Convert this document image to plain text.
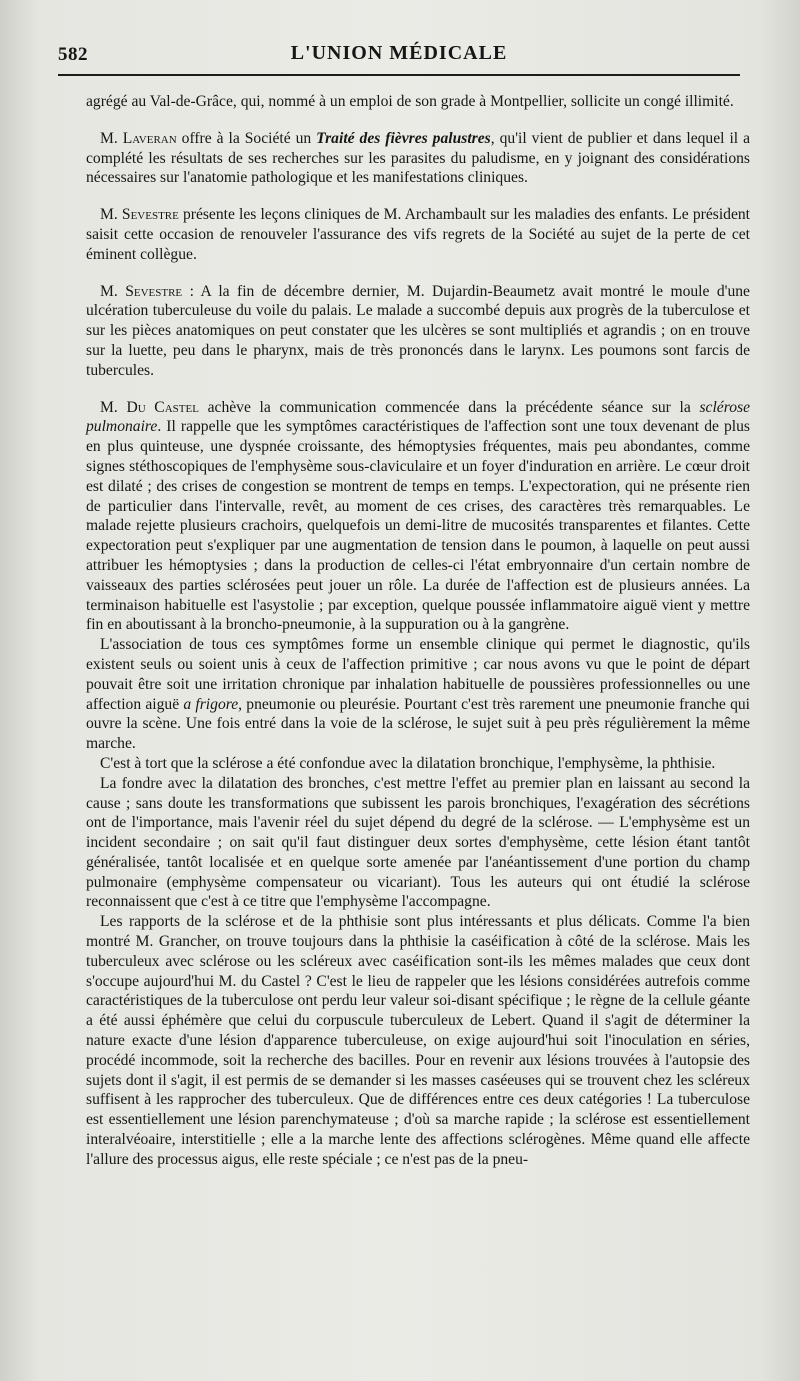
582	L'UNION MÉDICALE

agrégé au Val-de-Grâce, qui, nommé à un emploi de son grade à Montpellier, sollicite un congé illimité.

M. Laveran offre à la Société un Traité des fièvres palustres, qu'il vient de publier et dans lequel il a complété les résultats de ses recherches sur les parasites du paludisme, en y joignant des considérations nécessaires sur l'anatomie pathologique et les manifestations cliniques.

M. Sevestre présente les leçons cliniques de M. Archambault sur les maladies des enfants. Le président saisit cette occasion de renouveler l'assurance des vifs regrets de la Société au sujet de la perte de cet éminent collègue.

M. Sevestre : A la fin de décembre dernier, M. Dujardin-Beaumetz avait montré le moule d'une ulcération tuberculeuse du voile du palais. Le malade a succombé depuis aux progrès de la tuberculose et sur les pièces anatomiques on peut constater que les ulcères se sont multipliés et agrandis ; on en trouve sur la luette, peu dans le pharynx, mais de très prononcés dans le larynx. Les poumons sont farcis de tubercules.

M. Du Castel achève la communication commencée dans la précédente séance sur la sclérose pulmonaire. Il rappelle que les symptômes caractéristiques de l'affection sont une toux devenant de plus en plus quinteuse, une dyspnée croissante, des hémoptysies fréquentes, mais peu abondantes, comme signes stéthoscopiques de l'emphysème sous-claviculaire et un foyer d'induration en arrière. Le cœur droit est dilaté ; des crises de congestion se montrent de temps en temps. L'expectoration, qui ne présente rien de particulier dans l'intervalle, revêt, au moment de ces crises, des caractères très remarquables. Le malade rejette plusieurs crachoirs, quelquefois un demi-litre de mucosités transparentes et filantes. Cette expectoration peut s'expliquer par une augmentation de tension dans le poumon, à laquelle on peut aussi attribuer les hémoptysies ; dans la production de celles-ci l'état embryonnaire d'un certain nombre de vaisseaux des parties sclérosées peut jouer un rôle. La durée de l'affection est de plusieurs années. La terminaison habituelle est l'asystolie ; par exception, quelque poussée inflammatoire aiguë vient y mettre fin en aboutissant à la broncho-pneumonie, à la suppuration ou à la gangrène.

L'association de tous ces symptômes forme un ensemble clinique qui permet le diagnostic, qu'ils existent seuls ou soient unis à ceux de l'affection primitive ; car nous avons vu que le point de départ pouvait être soit une irritation chronique par inhalation habituelle de poussières professionnelles ou une affection aiguë a frigore, pneumonie ou pleurésie. Pourtant c'est très rarement une pneumonie franche qui ouvre la scène. Une fois entré dans la voie de la sclérose, le sujet suit à peu près régulièrement la même marche.

C'est à tort que la sclérose a été confondue avec la dilatation bronchique, l'emphysème, la phthisie.

La fondre avec la dilatation des bronches, c'est mettre l'effet au premier plan en laissant au second la cause ; sans doute les transformations que subissent les parois bronchiques, l'exagération des sécrétions ont de l'importance, mais l'avenir réel du sujet dépend du degré de la sclérose. — L'emphysème est un incident secondaire ; on sait qu'il faut distinguer deux sortes d'emphysème, cette lésion étant tantôt généralisée, tantôt localisée et en quelque sorte amenée par l'anéantissement d'une portion du champ pulmonaire (emphysème compensateur ou vicariant). Tous les auteurs qui ont étudié la sclérose reconnaissent que c'est à ce titre que l'emphysème l'accompagne.

Les rapports de la sclérose et de la phthisie sont plus intéressants et plus délicats. Comme l'a bien montré M. Grancher, on trouve toujours dans la phthisie la caséification à côté de la sclérose. Mais les tuberculeux avec sclérose ou les scléreux avec caséification sont-ils les mêmes malades que ceux dont s'occupe aujourd'hui M. du Castel ? C'est le lieu de rappeler que les lésions considérées autrefois comme caractéristiques de la tuberculose ont perdu leur valeur soi-disant spécifique ; le règne de la cellule géante a été aussi éphémère que celui du corpuscule tuberculeux de Lebert. Quand il s'agit de déterminer la nature exacte d'une lésion d'apparence tuberculeuse, on exige aujourd'hui soit l'inoculation en séries, procédé incommode, soit la recherche des bacilles. Pour en revenir aux lésions trouvées à l'autopsie des sujets dont il s'agit, il est permis de se demander si les masses caséeuses qui se trouvent chez les scléreux suffisent à les rapprocher des tuberculeux. Que de différences entre ces deux catégories ! La tuberculose est essentiellement une lésion parenchymateuse ; d'où sa marche rapide ; la sclérose est essentiellement interalvéoaire, interstitielle ; elle a la marche lente des affections sclérogènes. Même quand elle affecte l'allure des processus aigus, elle reste spéciale ; ce n'est pas de la pneu-
